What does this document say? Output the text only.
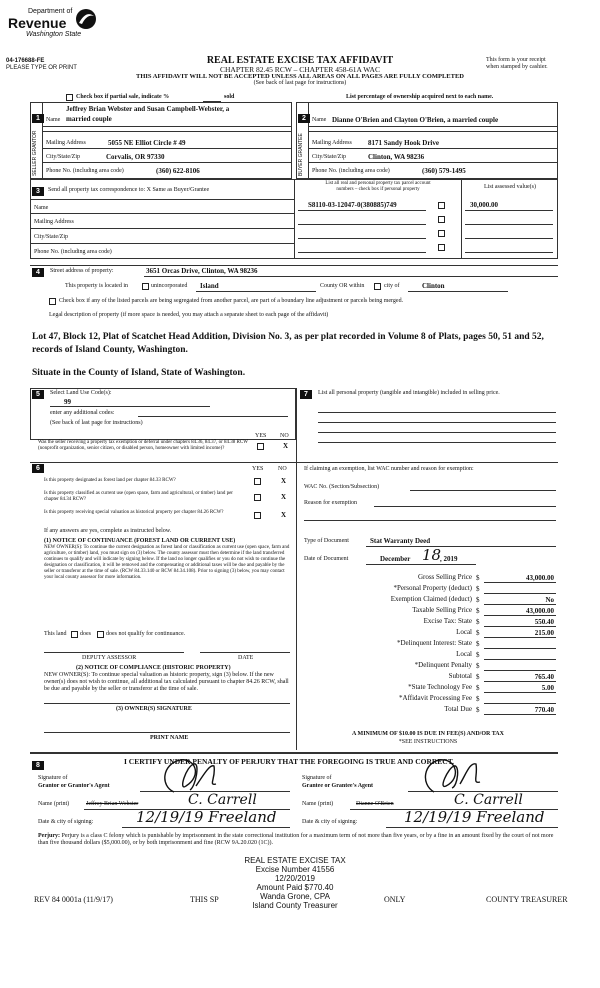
Department of
Revenue
Washington State
04-176688-FE
PLEASE TYPE OR PRINT
REAL ESTATE EXCISE TAX AFFIDAVIT
CHAPTER 82.45 RCW – CHAPTER 458-61A WAC
THIS AFFIDAVIT WILL NOT BE ACCEPTED UNLESS ALL AREAS ON ALL PAGES ARE FULLY COMPLETED
(See back of last page for instructions)
This form is your receipt
when stamped by cashier.
Check box if partial sale, indicate %	sold	List percentage of ownership acquired next to each name.
1	2
SELLER GRANTOR	BUYER GRANTEE
Name
Jeffrey Brian Webster and Susan Campbell-Webster, a
married couple
Mailing Address	5055 NE Elliot Circle # 49
City/State/Zip	Corvalis, OR 97330
Phone No. (including area code)	(360) 622-8106
Name Dianne O'Brien and Clayton O'Brien, a married couple
Mailing Address 8171 Sandy Hook Drive
City/State/Zip	Clinton, WA 98236
Phone No. (including area code)	(360) 579-1495
3	Send all property tax correspondence to: X Same as Buyer/Grantee
Name
Mailing Address
City/State/Zip
Phone No. (including area code)
List all real and personal property tax parcel account
numbers – check box if personal property	List assessed value(s)
S8110-03-12047-0(380885)749	30,000.00
4	Street address of property:	3651 Orcas Drive, Clinton, WA 98236
This property is located in	unincorporated Island	County OR within	city of	Clinton
Check box if any of the listed parcels are being segregated from another parcel, are part of a boundary line adjustment or parcels being merged.
Legal description of property (if more space is needed, you may attach a separate sheet to each page of the affidavit)
Lot 47, Block 12, Plat of Scatchet Head Addition, Division No. 3, as per plat recorded in Volume 8 of Plats, pages 50, 51 and 52, records of Island County, Washington.
Situate in the County of Island, State of Washington.
5	Select Land Use Code(s):
99
enter any additional codes:
(See back of last page for instructions)
YES NO
Was the seller receiving a property tax exemption or deferral under chapters 84.36, 84.37, or 84.38 RCW (nonprofit organization, senior citizen, or disabled person, homeowner with limited income)?	X
6	YES NO
Is this property designated as forest land per chapter 84.33 RCW?	X
Is this property classified as current use (open space, farm and agricultural, or timber) land per chapter 84.34 RCW?	X
Is this property receiving special valuation as historical property per chapter 84.26 RCW?	X
If any answers are yes, complete as instructed below.
(1) NOTICE OF CONTINUANCE (FOREST LAND OR CURRENT USE)
NEW OWNER(S): To continue the current designation as forest land or classification as current use (open space, farm and agriculture, or timber) land, you must sign on (3) below. The county assessor must then determine if the land transferred continues to qualify and will indicate by signing below. If the land no longer qualifies or you do not wish to continue the designation or classification, it will be removed and the compensating or additional taxes will be due and payable by the seller or transferor at the time of sale. (RCW 84.33.140 or RCW 84.34.108). Prior to signing (3) below, you may contact your local county assessor for more information.
This land does	does not qualify for continuance.
DEPUTY ASSESSOR	DATE
(2) NOTICE OF COMPLIANCE (HISTORIC PROPERTY)
NEW OWNER(S): To continue special valuation as historic property, sign (3) below. If the new owner(s) does not wish to continue, all additional tax calculated pursuant to chapter 84.26 RCW, shall be due and payable by the seller or transferor at the time of sale.
(3) OWNER(S) SIGNATURE
PRINT NAME
7	List all personal property (tangible and intangible) included in selling price.
If claiming an exemption, list WAC number and reason for exemption:
WAC No. (Section/Subsection)
Reason for exemption
Type of Document	Stat Warranty Deed
Date of Document	December 18
, 2019
Gross Selling Price $	43,000.00
*Personal Property (deduct) $
Exemption Claimed (deduct) $	No
Taxable Selling Price $	43,000.00
Excise Tax: State $	550.40
Local $	215.00
*Delinquent Interest: State $
Local $
*Delinquent Penalty $
Subtotal $	765.40
*State Technology Fee $	5.00
*Affidavit Processing Fee $
Total Due $	770.40
A MINIMUM OF $10.00 IS DUE IN FEE(S) AND/OR TAX
*SEE INSTRUCTIONS
8	I CERTIFY UNDER PENALTY OF PERJURY THAT THE FOREGOING IS TRUE AND CORRECT.
Signature of
Grantor or Grantor's Agent
Signature of
Grantee or Grantee's Agent
Name (print)	Jeffrey Brian Webster	C. Carrell	Name (print)	Dianne O'Brien	C. Carrell
Date & city of signing:	12/19/19 Freeland	Date & city of signing:	12/19/19 Freeland
Perjury: Perjury is a class C felony which is punishable by imprisonment in the state correctional institution for a maximum term of not more than five years, or by a fine in an amount fixed by the court of not more than five thousand dollars ($5,000.00), or by both imprisonment and fine (RCW 9A.20.020 (1C)).
REAL ESTATE EXCISE TAX
Excise Number 41556
12/20/2019
Amount Paid $770.40
Wanda Grone, CPA
Island County Treasurer
REV 84 0001a (11/9/17)	THIS SP	ONLY	COUNTY TREASURER
